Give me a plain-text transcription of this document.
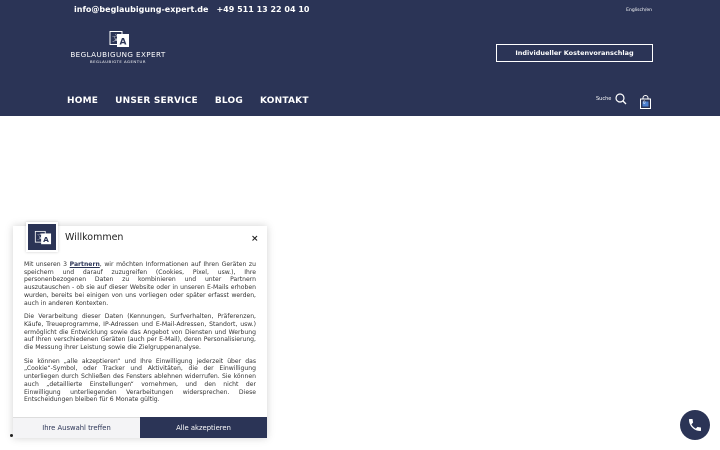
info@beglaubigung-expert.de +49 511 13 22 04 10	Englisch/en
文 A
BEGLAUBIGUNG EXPERT
BEGLAUBIGTE AGENTUR
Individueller Kostenvoranschlag
HOME UNSER SERVICE BLOG KONTAKT	Suche
0
文 A Willkommen	×

Mit unseren 3 Partnern, wir möchten Informationen auf Ihren Geräten zu speichern und darauf zuzugreifen (Cookies, Pixel, usw.), Ihre personenbezogenen Daten zu kombinieren und unter Partnern auszutauschen - ob sie auf dieser Website oder in unseren E-Mails erhoben wurden, bereits bei einigen von uns vorliegen oder später erfasst werden, auch in anderen Kontexten.

Die Verarbeitung dieser Daten (Kennungen, Surfverhalten, Präferenzen, Käufe, Treueprogramme, IP-Adressen und E-Mail-Adressen, Standort, usw.) ermöglicht die Entwicklung sowie das Angebot von Diensten und Werbung auf Ihren verschiedenen Geräten (auch per E-Mail), deren Personalisierung, die Messung ihrer Leistung sowie die Zielgruppenanalyse.

Sie können „alle akzeptieren“ und Ihre Einwilligung jederzeit über das „Cookie“-Symbol, oder Tracker und Aktivitäten, die der Einwilligung unterliegen durch Schließen des Fensters ablehnen widerrufen. Sie können auch „detaillierte Einstellungen“ vornehmen, und den nicht der Einwilligung unterliegenden Verarbeitungen widersprechen. Diese Entscheidungen bleiben für 6 Monate gültig.

Ihre Auswahl treffen	Alle akzeptieren
